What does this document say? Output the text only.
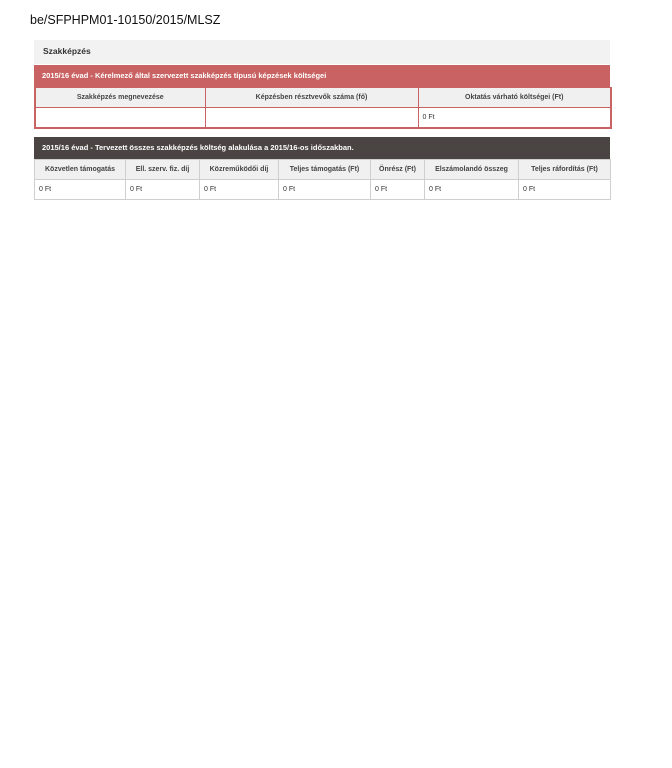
be/SFPHPM01-10150/2015/MLSZ
Szakképzés
2015/16 évad - Kérelmező által szervezett szakképzés típusú képzések költségei
Szakképzés megnevezése	Képzésben résztvevők száma (fő)	Oktatás várható költségei (Ft)
		0 Ft
2015/16 évad - Tervezett összes szakképzés költség alakulása a 2015/16-os időszakban.
Közvetlen támogatás	Ell. szerv. fiz. díj	Közreműködői díj	Teljes támogatás (Ft)	Önrész (Ft)	Elszámolandó összeg	Teljes ráfordítás (Ft)
0 Ft	0 Ft	0 Ft	0 Ft	0 Ft	0 Ft	0 Ft
